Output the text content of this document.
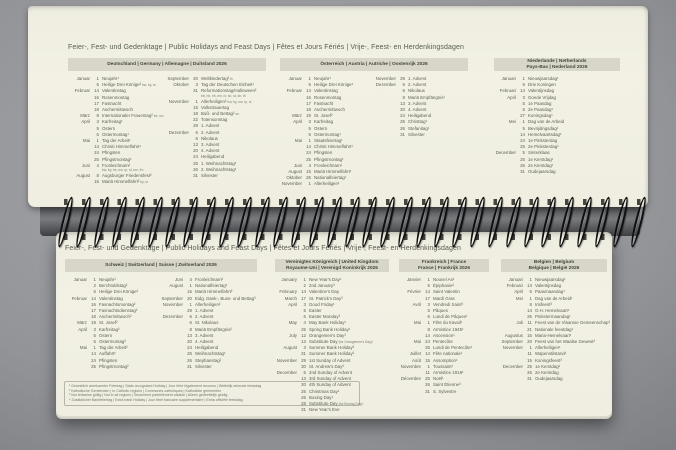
Feier-, Fest- und Gedenktage | Public Holidays and Feast Days | Fêtes et Jours Fériés | Vrije-, Feest- en Herdenkingsdagen
Deutschland | Germany | Allemagne | Duitsland 2026
Januar	1 Neujahr¹
6 Heilige Drei Könige²bw, by, st
Februar 14 Valentinstag
16 Rosenmontag
17 Fastnacht
18 Aschermittwoch
März	8 Internationaler Frauentag²be, mv
April	3 Karfreitag¹
5 Ostern
6 Ostermontag¹
Mai	1 Tag der Arbeit¹
14 Christi Himmelfahrt¹
24 Pfingsten
25 Pfingstmontag¹
Juni	4 Fronleichnam²
bw, by, he, nw, rp, sl, sn³, th³
August	8 Augsburger Friedensfest²
15 Mariä Himmelfahrt²by, sl
September 20 Weltkindertag²th
Oktober	3 Tag der Deutschen Einheit¹
31 Reformationstag/Halloween²
bb, hb, hh, mv, ni, sn, st, sh, th
November	1 Allerheiligen²bw, by, nw, rp, sl
15 Volkstrauertag
18 Buß- und Bettag²sn
22 Totensonntag
29 1. Advent
Dezember	6 2. Advent
6 Nikolaus
13 3. Advent
20 4. Advent
24 Heiligabend
25 1. Weihnachtstag¹
26 2. Weihnachtstag¹
31 Silvester
Österreich | Austria | Autriche | Oostenrijk 2026
Januar	1 Neujahr¹
6 Heilige Drei Könige¹
Februar 14 Valentinstag
16 Rosenmontag
17 Fastnacht
18 Aschermittwoch
März 19 St. Josef²
April	3 Karfreitag
5 Ostern
6 Ostermontag¹
Mai	1 Staatsfeiertag¹
14 Christi Himmelfahrt¹
24 Pfingsten
25 Pfingstmontag¹
Juni	4 Fronleichnam¹
August 15 Mariä Himmelfahrt¹
Oktober 26 Nationalfeiertag¹
November	1 Allerheiligen¹
November 29 1. Advent
Dezember	6 2. Advent
6 Nikolaus
8 Mariä Empfängnis¹
13 3. Advent
20 4. Advent
24 Heiligabend
25 Christtag¹
26 Stefanitag¹
31 Silvester
Niederlande | Netherlands
Pays-Bas | Nederland 2026
Januari	1 Nieuwjaarsdag¹
6 Drie Koningen
Februari 14 Valentijnsdag
April	3 Goede Vrijdag
5 1e Paasdag
6 2e Paasdag¹
27 Koningsdag¹
Mei	1 Dag van de Arbeid
5 Bevrijdingsdag¹
14 Hemelvaartsdag¹
24 1e Pinksterdag
25 2e Pinksterdag¹
December	5 Sinterklaas
25 1e Kerstdag¹
26 2e Kerstdag¹
31 Oudejaarsdag
Feier-, Fest- und Gedenktage | Public Holidays and Feast Days | Fêtes et Jours Fériés | Vrije-, Feest- en Herdenkingsdagen
Schweiz | Switzerland | Suisse | Zwitserland 2026
Januar	1 Neujahr¹
2 Berchtoldstag²
6 Heilige Drei Könige²
Februar 14 Valentinstag
16 Fasnachtsmontag²
17 Fasnachtsdienstag²
18 Aschermittwoch²
März 19 St. Josef²
April	3 Karfreitag²
5 Ostern
6 Ostermontag²
Mai	1 Tag der Arbeit²
14 Auffahrt¹
24 Pfingsten
25 Pfingstmontag²
Juni	4 Fronleichnam²
August	1 Nationalfeiertag¹
15 Mariä Himmelfahrt²
September 20 Eidg. Dank-, Buss- und Bettag³
November	1 Allerheiligen²
29 1. Advent
Dezember	6 2. Advent
6 St. Nikolaus
8 Mariä Empfängnis²
13 3. Advent
20 4. Advent
24 Heiligabend
25 Weihnachtstag¹
26 Stephanstag²
31 Silvester
Vereinigtes Königreich | United Kingdom
Royaume-Uni | Verenigd Koninkrijk 2026
January	1 New Year's Day¹
2 2nd January³
February 14 Valentine's Day
March 17 St. Patrick's Day³
April	3 Good Friday¹
5 Easter
6 Easter Monday³
May	4 May Bank Holiday¹
25 Spring Bank Holiday¹
July 12 Orangemen's Day³
13 Substitute Day(for Orangemen's Day)³
August	3 Summer Bank Holiday³
31 Summer Bank Holiday³
November 29 1st Sunday of Advent
30 St. Andrew's Day³
December	6 2nd Sunday of Advent
13 3rd Sunday of Advent
20 4th Sunday of Advent
25 Christmas Day¹
26 Boxing Day¹
28 Substitute Day(for Boxing Day)¹
31 New Year's Eve
Frankreich | France
France | Frankrijk 2026
Janvier	1 Nouvel An¹
6 Épiphanie²
Février 14 Saint Valentin
17 Mardi Gras
Avril	3 Vendredi Saint³
5 Pâques
6 Lundi de Pâques¹
Mai	1 Fête du travail¹
8 Armistice 1945¹
14 Ascension¹
Mai 24 Pentecôte
25 Lundi de Pentecôte¹
Juillet 14 Fête nationale¹
Août 15 Assomption¹
Novembre	1 Toussaint¹
11 Armistice 1918¹
Décembre 25 Noël¹
26 Saint Étienne³
31 S. Sylvestre
Belgien | Belgium
Belgique | België 2026
Januari	1 Nieuwjaarsdag¹
Februari 14 Valentijnsdag
April	6 Paasmaandag¹
Mei	1 Dag van de Arbeid¹
8 Irisfeest³
14 O.H. Hemelvaart¹
25 Pinkstermaandag¹
Juli	11 Feest van de Vlaamse Gemeenschap³
21 Nationale feestdag¹
Augustus 15 Maria-Hemelvaart¹
September 20 Feest van het Waalse Gewest³
November	1 Allerheiligen¹
11 Wapenstilstand¹
15 Koningsfeest³
December 25 1e Kerstdag¹
26 2e Kerstdag
31 Oudejaarsdag
¹ Gesetzlich anerkannter Feiertag | State-recognised Holiday | Jour férié légalement reconnu | Wettelijk erkende feestdag
² Katholische Gemeinden | In Catholic regions | Communes catholiques | Katholieke gemeenten
³ Nur teilweise gültig | Not in all regions | Seulement partiellement valable | Alleen gedeeltelijk geldig
⁴ Zusätzlicher Bankfeiertag | Extra bank Holiday | Jour férié bancaire supplémentaire | Extra officiële feestdag
